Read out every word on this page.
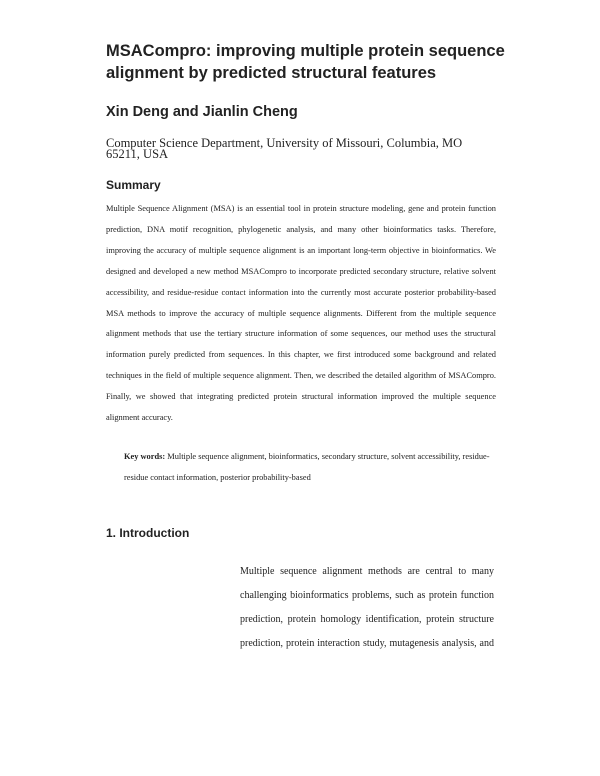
MSACompro: improving multiple protein sequence alignment by predicted structural features
Xin Deng and Jianlin Cheng

Computer Science Department, University of Missouri, Columbia, MO 65211, USA

Summary

Multiple Sequence Alignment (MSA) is an essential tool in protein structure modeling, gene and protein function prediction, DNA motif recognition, phylogenetic analysis, and many other bioinformatics tasks. Therefore, improving the accuracy of multiple sequence alignment is an important long-term objective in bioinformatics. We designed and developed a new method MSACompro to incorporate predicted secondary structure, relative solvent accessibility, and residue-residue contact information into the currently most accurate posterior probability-based MSA methods to improve the accuracy of multiple sequence alignments. Different from the multiple sequence alignment methods that use the tertiary structure information of some sequences, our method uses the structural information purely predicted from sequences. In this chapter, we first introduced some background and related techniques in the field of multiple sequence alignment. Then, we described the detailed algorithm of MSACompro. Finally, we showed that integrating predicted protein structural information improved the multiple sequence alignment accuracy.

Key words: Multiple sequence alignment, bioinformatics, secondary structure, solvent accessibility, residue-residue contact information, posterior probability-based

1. Introduction

Multiple sequence alignment methods are central to many challenging bioinformatics problems, such as protein function prediction, protein homology identification, protein structure prediction, protein interaction study, mutagenesis analysis, and
